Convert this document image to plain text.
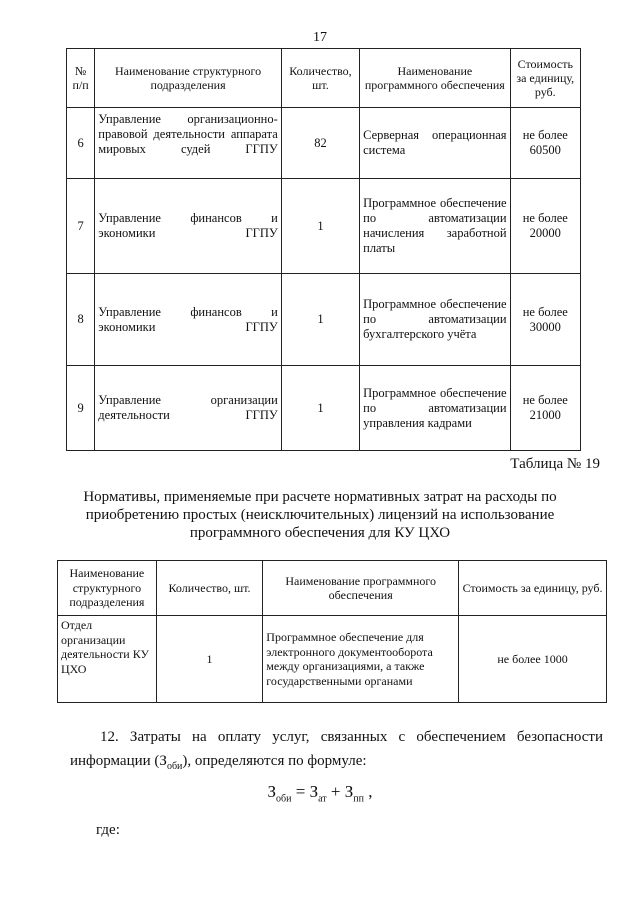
17
№ п/п	Наименование структурного подразделения	Количество, шт.	Наименование программного обеспечения	Стоимость за единицу, руб.
6	Управление организационно-правовой деятельности аппарата мировых судей ГГПУ	82	Серверная операционная система	не более 60500
7	Управление финансов и экономики ГГПУ	1	Программное обеспечение по автоматизации начисления заработной платы	не более 20000
8	Управление финансов и экономики ГГПУ	1	Программное обеспечение по автоматизации бухгалтерского учёта	не более 30000
9	Управление организации деятельности ГГПУ	1	Программное обеспечение по автоматизации управления кадрами	не более 21000
Таблица № 19
Нормативы, применяемые при расчете нормативных затрат на расходы по приобретению простых (неисключительных) лицензий на использование программного обеспечения для КУ ЦХО
Наименование структурного подразделения	Количество, шт.	Наименование программного обеспечения	Стоимость за единицу, руб.
Отдел организации деятельности КУ ЦХО	1	Программное обеспечение для электронного документооборота между организациями, а также государственными органами	не более 1000
12. Затраты на оплату услуг, связанных с обеспечением безопасности информации $(З_{оби})$, определяются по формуле:
$З_{оби} = З_{ат} + З_{пп}$ ,
где:
